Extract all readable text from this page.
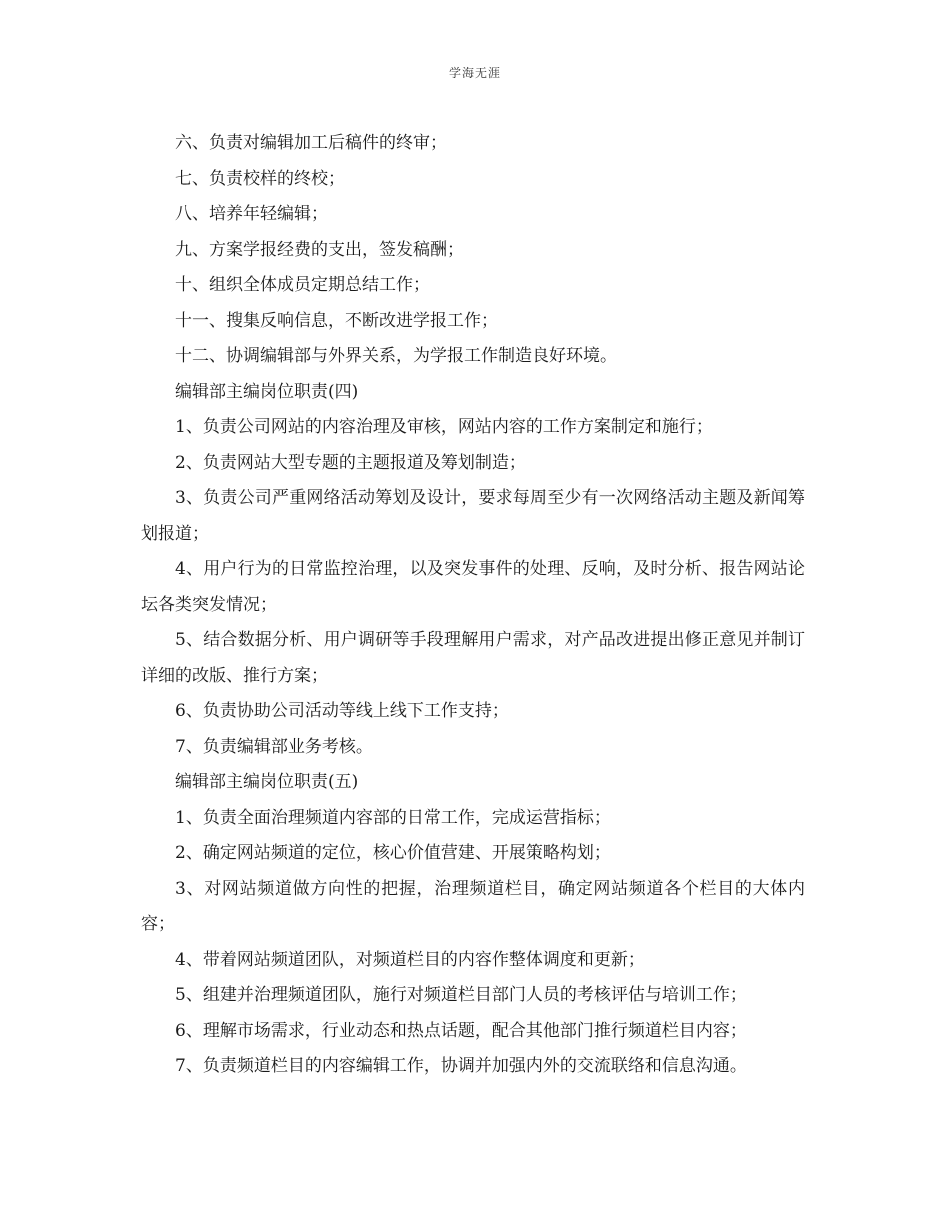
学海无涯

六、负责对编辑加工后稿件的终审；

七、负责校样的终校；

八、培养年轻编辑；

九、方案学报经费的支出，签发稿酬；

十、组织全体成员定期总结工作；

十一、搜集反响信息，不断改进学报工作；

十二、协调编辑部与外界关系，为学报工作制造良好环境。

编辑部主编岗位职责(四)

1、负责公司网站的内容治理及审核，网站内容的工作方案制定和施行；

2、负责网站大型专题的主题报道及筹划制造；

3、负责公司严重网络活动筹划及设计，要求每周至少有一次网络活动主题及新闻筹划报道；

4、用户行为的日常监控治理，以及突发事件的处理、反响，及时分析、报告网站论坛各类突发情况；

5、结合数据分析、用户调研等手段理解用户需求，对产品改进提出修正意见并制订详细的改版、推行方案；

6、负责协助公司活动等线上线下工作支持；

7、负责编辑部业务考核。

编辑部主编岗位职责(五)

1、负责全面治理频道内容部的日常工作，完成运营指标；

2、确定网站频道的定位，核心价值营建、开展策略构划；

3、对网站频道做方向性的把握，治理频道栏目，确定网站频道各个栏目的大体内容；

4、带着网站频道团队，对频道栏目的内容作整体调度和更新；

5、组建并治理频道团队，施行对频道栏目部门人员的考核评估与培训工作；

6、理解市场需求，行业动态和热点话题，配合其他部门推行频道栏目内容；

7、负责频道栏目的内容编辑工作，协调并加强内外的交流联络和信息沟通。
